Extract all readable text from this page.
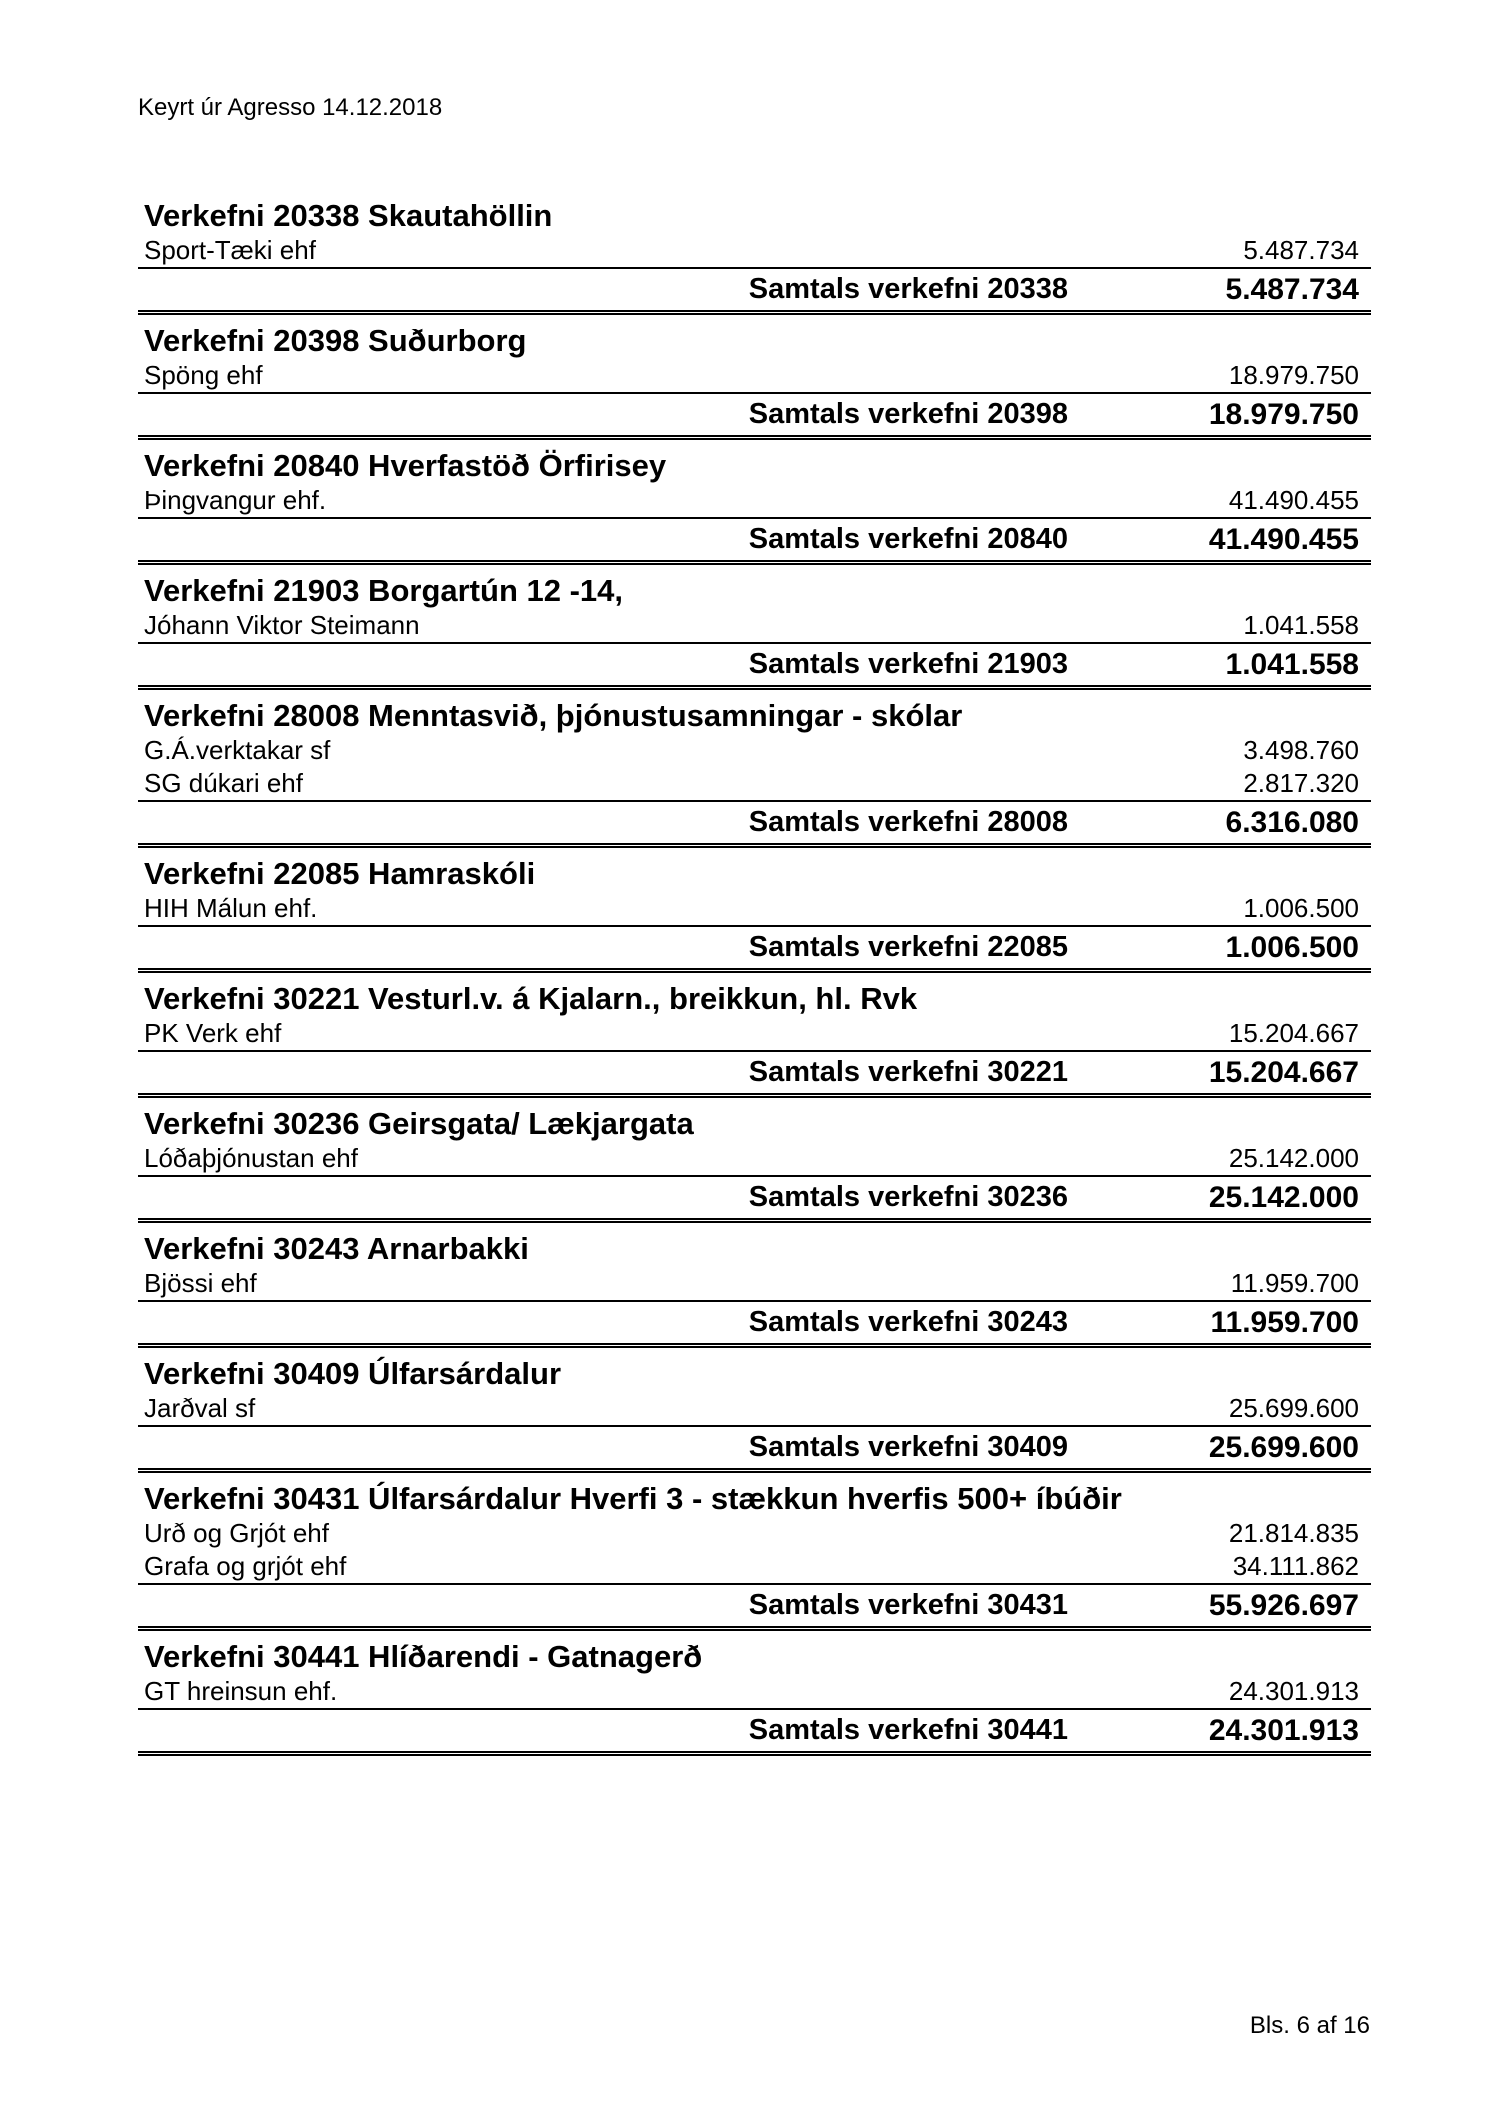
Keyrt úr Agresso 14.12.2018
Verkefni 20338 Skautahöllin
Sport-Tæki ehf	5.487.734
Samtals verkefni 20338	5.487.734
Verkefni 20398 Suðurborg
Spöng ehf	18.979.750
Samtals verkefni 20398	18.979.750
Verkefni 20840 Hverfastöð Örfirisey
Þingvangur ehf.	41.490.455
Samtals verkefni 20840	41.490.455
Verkefni 21903 Borgartún 12 -14,
Jóhann Viktor Steimann	1.041.558
Samtals verkefni 21903	1.041.558
Verkefni 28008 Menntasvið, þjónustusamningar - skólar
G.Á.verktakar sf	3.498.760
SG dúkari ehf	2.817.320
Samtals verkefni 28008	6.316.080
Verkefni 22085 Hamraskóli
HIH Málun ehf.	1.006.500
Samtals verkefni 22085	1.006.500
Verkefni 30221 Vesturl.v. á Kjalarn., breikkun, hl. Rvk
PK Verk ehf	15.204.667
Samtals verkefni 30221	15.204.667
Verkefni 30236 Geirsgata/ Lækjargata
Lóðaþjónustan ehf	25.142.000
Samtals verkefni 30236	25.142.000
Verkefni 30243 Arnarbakki
Bjössi ehf	11.959.700
Samtals verkefni 30243	11.959.700
Verkefni 30409 Úlfarsárdalur
Jarðval sf	25.699.600
Samtals verkefni 30409	25.699.600
Verkefni 30431 Úlfarsárdalur Hverfi 3 - stækkun hverfis 500+ íbúðir
Urð og Grjót ehf	21.814.835
Grafa og grjót ehf	34.111.862
Samtals verkefni 30431	55.926.697
Verkefni 30441 Hlíðarendi - Gatnagerð
GT hreinsun ehf.	24.301.913
Samtals verkefni 30441	24.301.913
Bls. 6 af 16
